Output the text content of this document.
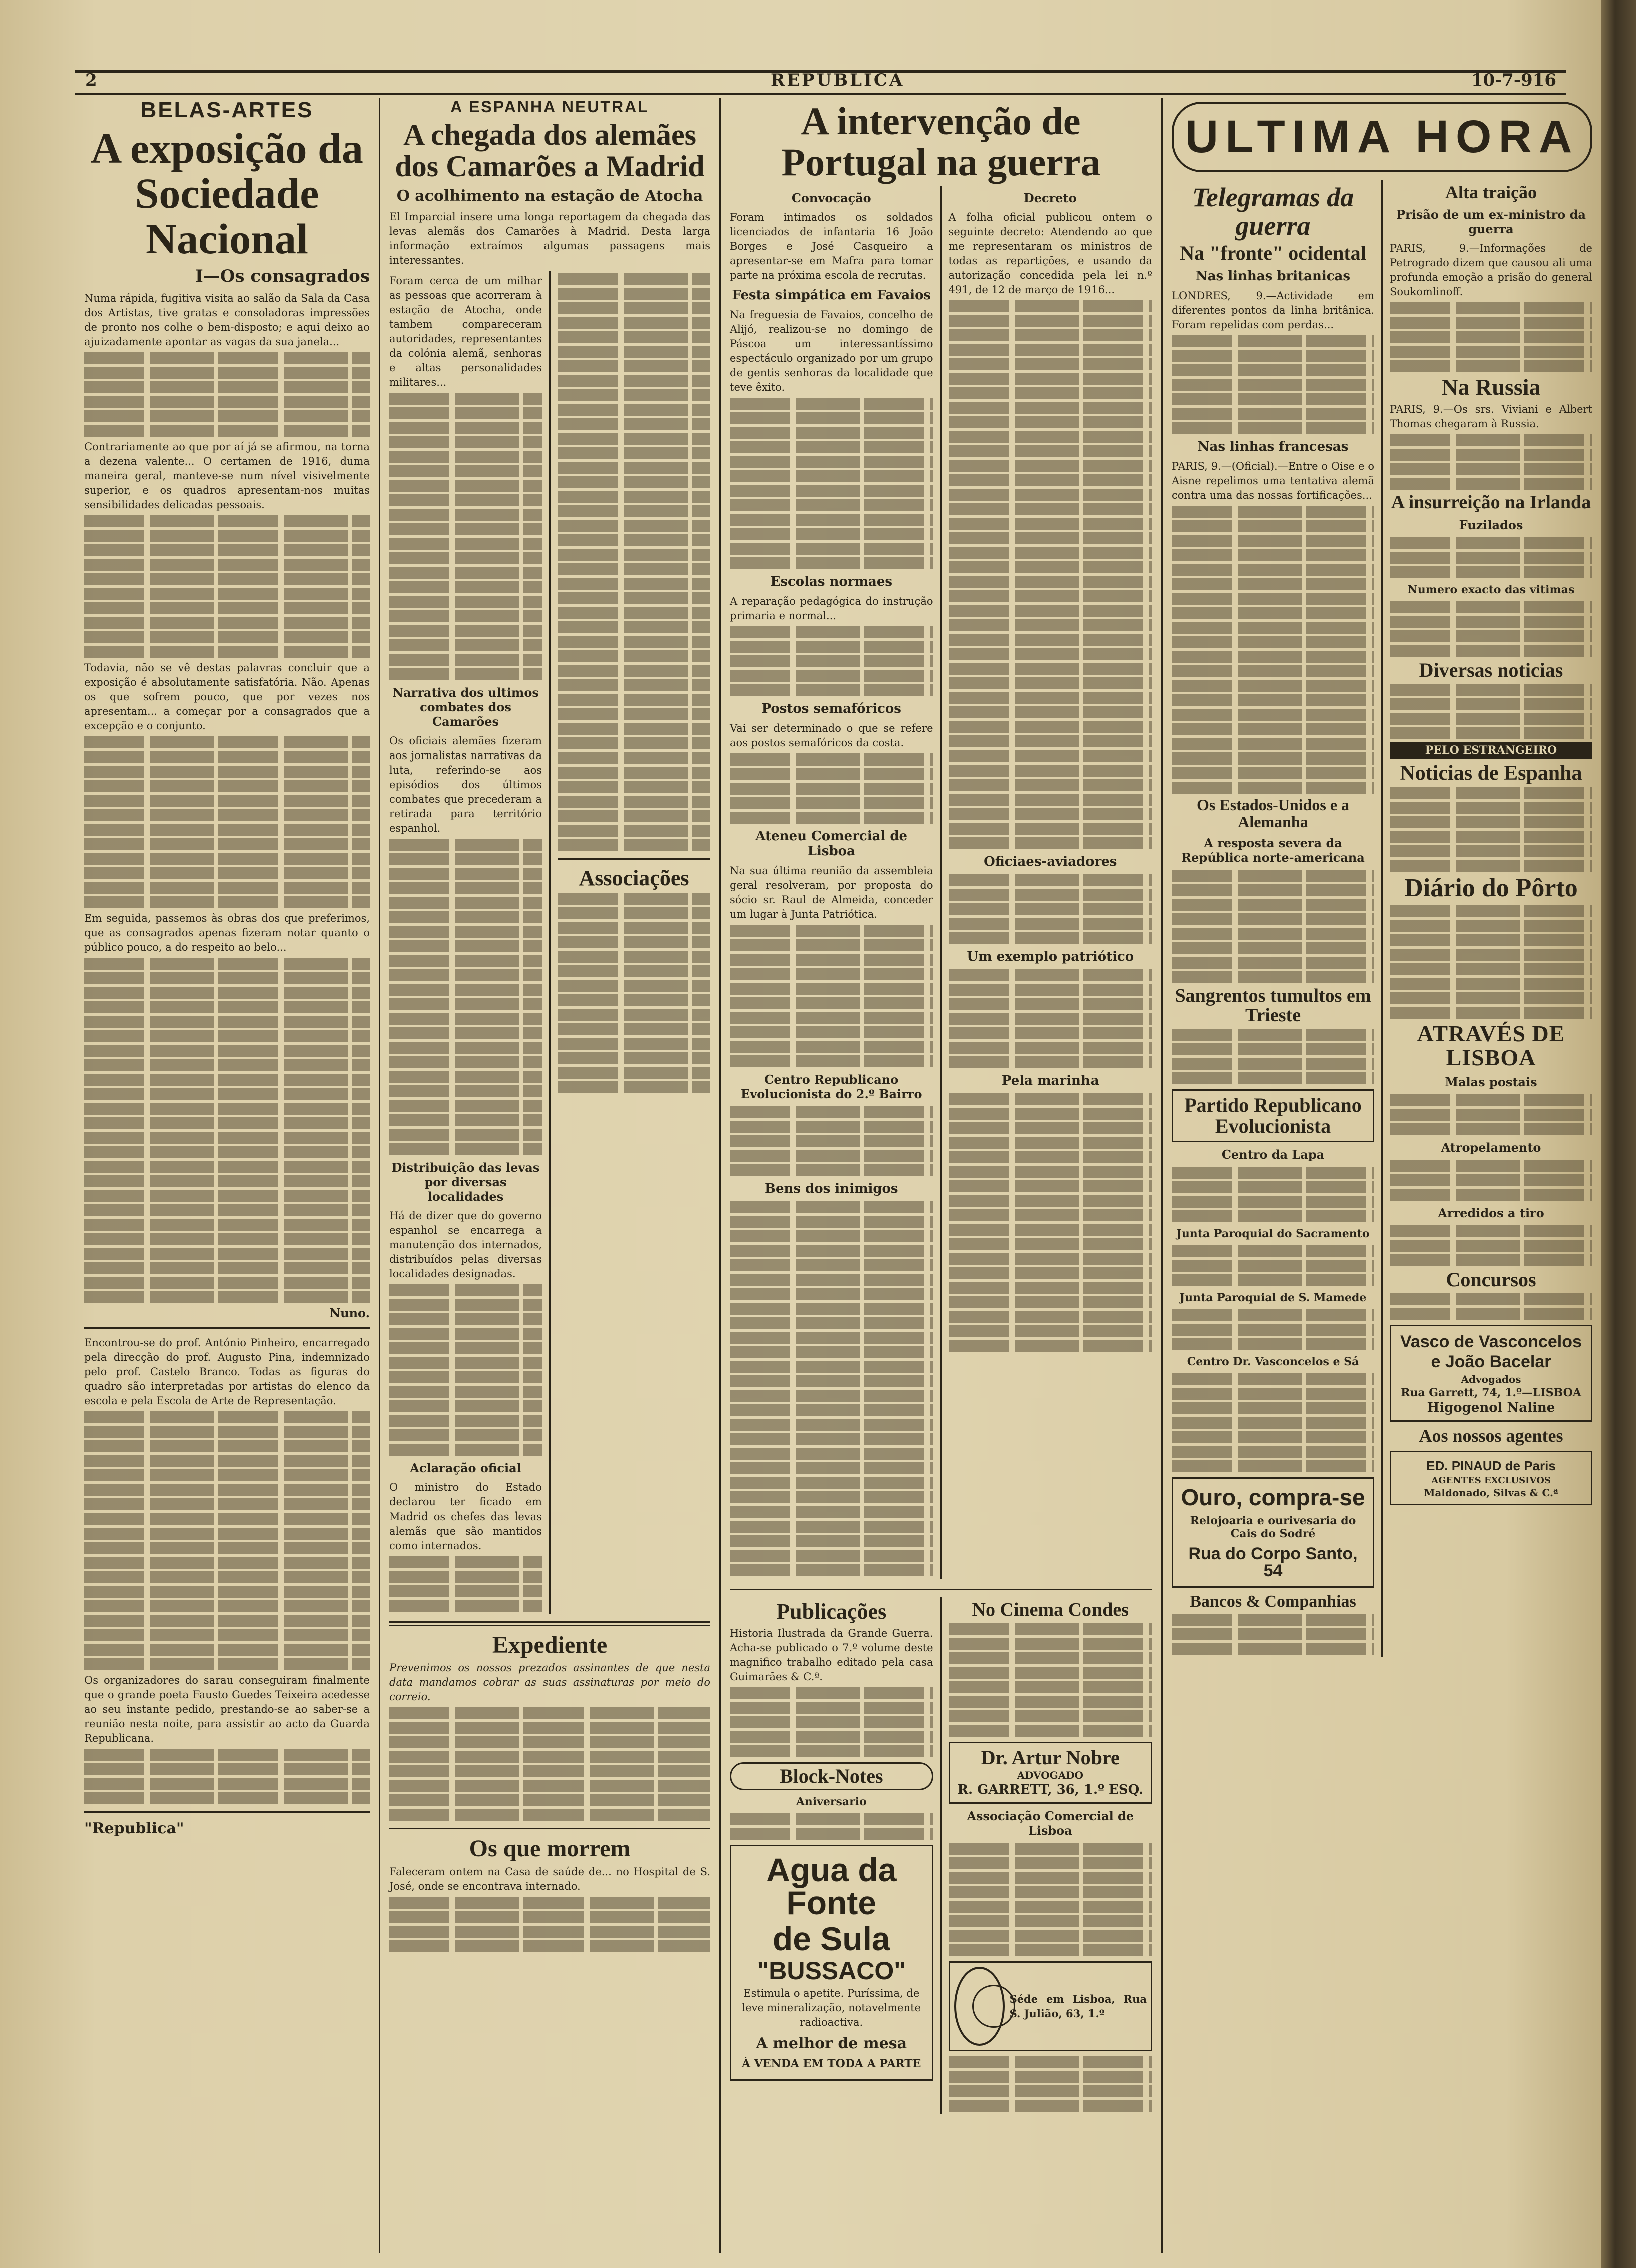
2	REPUBLICA	10-7-916
BELAS-ARTES
A exposição da Sociedade Nacional
I—Os consagrados

Numa rápida, fugitiva visita ao salão da Sala da Casa dos Artistas, tive gratas e consoladoras impressões de pronto nos colhe o bem-disposto; e aqui deixo ao ajuizadamente apontar as vagas da sua janela...

Contrariamente ao que por aí já se afirmou, na torna a dezena valente... O certamen de 1916, duma maneira geral, manteve-se num nível visivelmente superior, e os quadros apresentam-nos muitas sensibilidades delicadas pessoais.

Todavia, não se vê destas palavras concluir que a exposição é absolutamente satisfatória. Não. Apenas os que sofrem pouco, que por vezes nos apresentam... a começar por a consagrados que a excepção e o conjunto.

Em seguida, passemos às obras dos que preferimos, que as consagrados apenas fizeram notar quanto o público pouco, a do respeito ao belo...

Nuno.

Encontrou-se do prof. António Pinheiro, encarregado pela direcção do prof. Augusto Pina, indemnizado pelo prof. Castelo Branco. Todas as figuras do quadro são interpretadas por artistas do elenco da escola e pela Escola de Arte de Representação.

Os organizadores do sarau conseguiram finalmente que o grande poeta Fausto Guedes Teixeira acedesse ao seu instante pedido, prestando-se ao saber-se a reunião nesta noite, para assistir ao acto da Guarda Republicana.

"Republica"
A ESPANHA NEUTRAL
A chegada dos alemães dos Camarões a Madrid
O acolhimento na estação de Atocha

El Imparcial insere uma longa reportagem da chegada das levas alemãs dos Camarões à Madrid. Desta larga informação extraímos algumas passagens mais interessantes.

Foram cerca de um milhar as pessoas que acorreram à estação de Atocha, onde tambem compareceram autoridades, representantes da colónia alemã, senhoras e altas personalidades militares...

Narrativa dos ultimos combates dos Camarões

Os oficiais alemães fizeram aos jornalistas narrativas da luta, referindo-se aos episódios dos últimos combates que precederam a retirada para território espanhol.

Distribuição das levas por diversas localidades

Há de dizer que do governo espanhol se encarrega a manutenção dos internados, distribuídos pelas diversas localidades designadas.

Aclaração oficial

O ministro do Estado declarou ter ficado em Madrid os chefes das levas alemãs que são mantidos como internados.

Associações
Expediente

Prevenimos os nossos prezados assinantes de que nesta data mandamos cobrar as suas assinaturas por meio do correio.

Os que morrem

Faleceram ontem na Casa de saúde de... no Hospital de S. José, onde se encontrava internado.

A intervenção de Portugal na guerra
Convocação

Foram intimados os soldados licenciados de infantaria 16 João Borges e José Casqueiro a apresentar-se em Mafra para tomar parte na próxima escola de recrutas.

Festa simpática em Favaios

Na freguesia de Favaios, concelho de Alijó, realizou-se no domingo de Páscoa um interessantíssimo espectáculo organizado por um grupo de gentis senhoras da localidade que teve êxito.

Escolas normaes

A reparação pedagógica do instrução primaria e normal...

Postos semafóricos

Vai ser determinado o que se refere aos postos semafóricos da costa.

Ateneu Comercial de Lisboa

Na sua última reunião da assembleia geral resolveram, por proposta do sócio sr. Raul de Almeida, conceder um lugar à Junta Patriótica.

Centro Republicano Evolucionista do 2.º Bairro
Bens dos inimigos
Decreto

A folha oficial publicou ontem o seguinte decreto: Atendendo ao que me representaram os ministros de todas as repartições, e usando da autorização concedida pela lei n.º 491, de 12 de março de 1916...

Oficiaes-aviadores
Um exemplo patriótico
Pela marinha
Publicações

Historia Ilustrada da Grande Guerra. Acha-se publicado o 7.º volume deste magnifico trabalho editado pela casa Guimarães & C.ª.

Block-Notes
Aniversario
Agua da Fonte
de Sula
"BUSSACO"

Estimula o apetite. Puríssima, de leve mineralização, notavelmente radioactiva.

A melhor de mesa
À VENDA EM TODA A PARTE
No Cinema Condes
Dr. Artur Nobre
ADVOGADO
R. GARRETT, 36, 1.º ESQ.
Associação Comercial de Lisboa
Séde em Lisboa, Rua S. Julião, 63, 1.º
ULTIMA HORA
Telegramas da guerra
Na "fronte" ocidental
Nas linhas britanicas

LONDRES, 9.—Actividade em diferentes pontos da linha britânica. Foram repelidas com perdas...

Nas linhas francesas

PARIS, 9.—(Oficial).—Entre o Oise e o Aisne repelimos uma tentativa alemã contra uma das nossas fortificações...

Os Estados-Unidos e a Alemanha
A resposta severa da República norte-americana
Sangrentos tumultos em Trieste
Partido Republicano
Evolucionista
Centro da Lapa
Junta Paroquial do Sacramento
Junta Paroquial de S. Mamede
Centro Dr. Vasconcelos e Sá
Ouro, compra-se
Relojoaria e ourivesaria do Cais do Sodré
Rua do Corpo Santo, 54
Bancos & Companhias
Alta traição
Prisão de um ex-ministro da guerra

PARIS, 9.—Informações de Petrogrado dizem que causou ali uma profunda emoção a prisão do general Soukomlinoff.

Na Russia

PARIS, 9.—Os srs. Viviani e Albert Thomas chegaram à Russia.

A insurreição na Irlanda
Fuzilados
Numero exacto das vitimas
Diversas noticias
PELO ESTRANGEIRO
Noticias de Espanha
Diário do Pôrto
ATRAVÉS DE LISBOA
Malas postais
Atropelamento
Arredidos a tiro
Concursos
Vasco de Vasconcelos
e João Bacelar
Advogados
Rua Garrett, 74, 1.º—LISBOA
Higogenol Naline
Aos nossos agentes
ED. PINAUD de Paris
AGENTES EXCLUSIVOS
Maldonado, Silvas & C.ª
